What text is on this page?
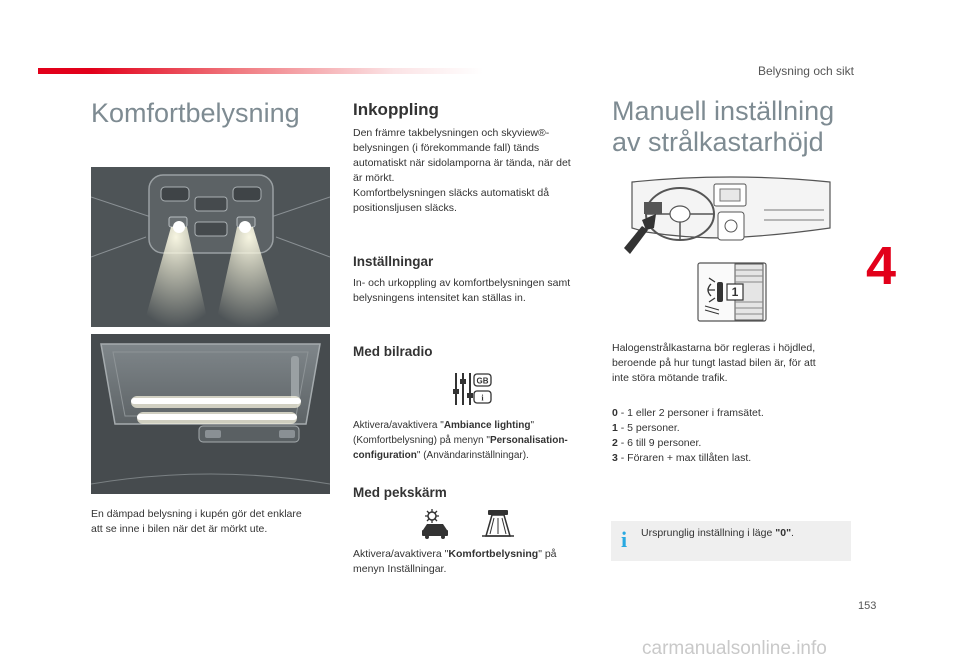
Belysning och sikt
Komfortbelysning
En dämpad belysning i kupén gör det enklare
att se inne i bilen när det är mörkt ute.
Inkoppling
Den främre takbelysningen och skyview®-
belysningen (i förekommande fall) tänds
automatiskt när sidolamporna är tända, när det
är mörkt.
Komfortbelysningen släcks automatiskt då
positionsljusen släcks.
Inställningar
In- och urkoppling av komfortbelysningen samt
belysningens intensitet kan ställas in.
Med bilradio
GB
i
Aktivera/avaktivera "Ambiance lighting"
(Komfortbelysning) på menyn "Personalisation-
configuration" (Användarinställningar).
Med pekskärm
Aktivera/avaktivera "Komfortbelysning" på
menyn Inställningar.
Manuell inställning
av strålkastarhöjd
1
Halogenstrålkastarna bör regleras i höjdled,
beroende på hur tungt lastad bilen är, för att
inte störa mötande trafik.
0 - 1 eller 2 personer i framsätet.
1 - 5 personer.
2 - 6 till 9 personer.
3 - Föraren + max tillåten last.
i Ursprunglig inställning i läge "0".
4
153
carmanualsonline.info
